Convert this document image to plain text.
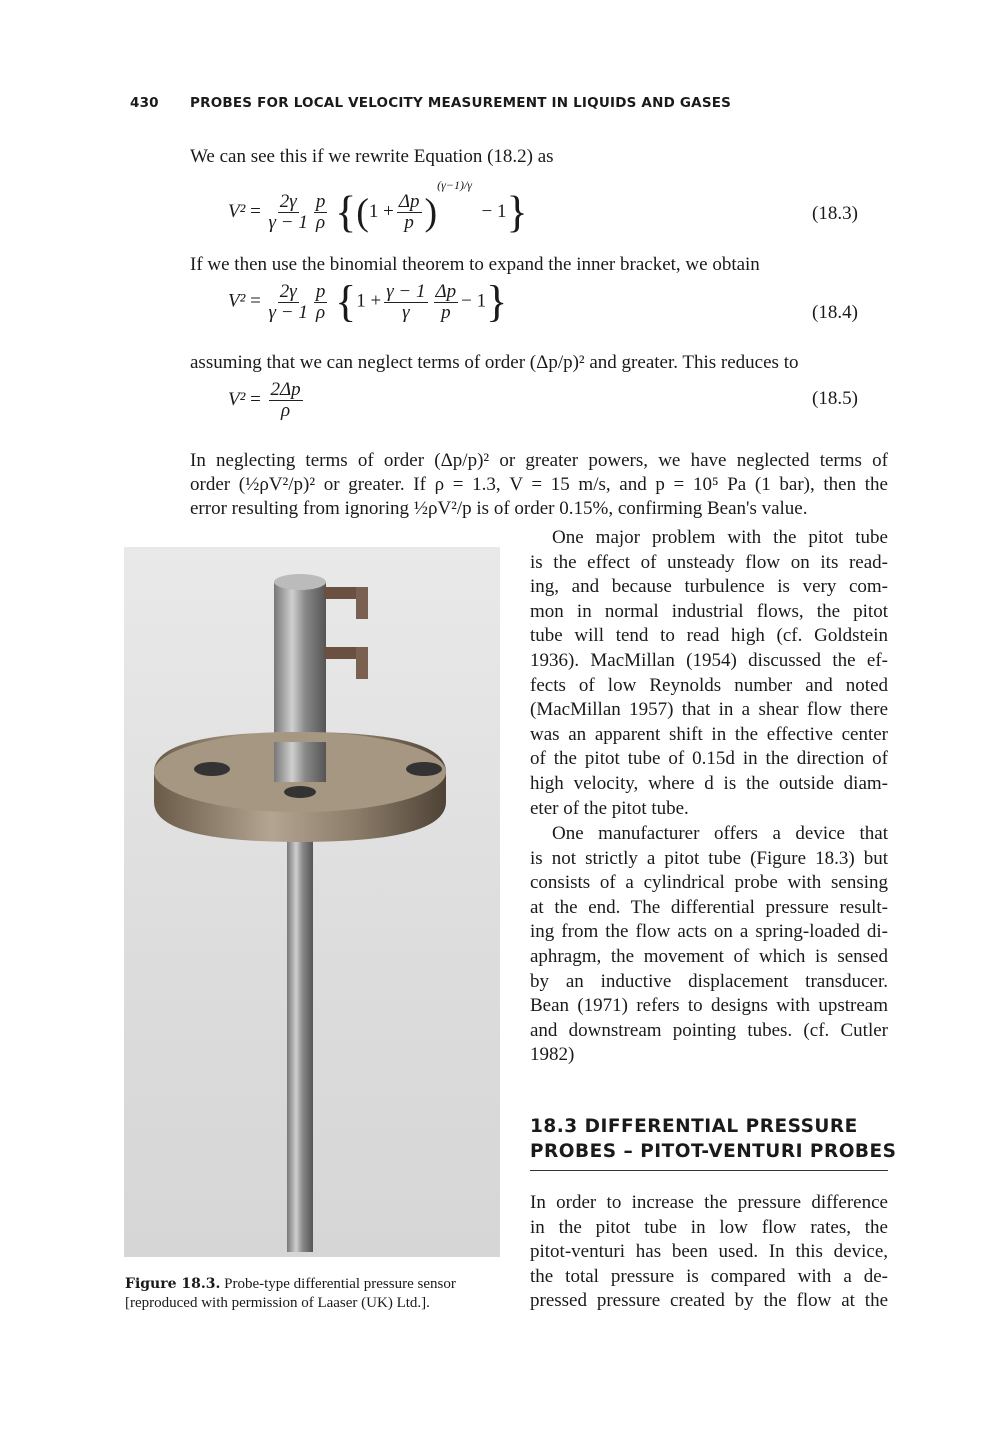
430 PROBES FOR LOCAL VELOCITY MEASUREMENT IN LIQUIDS AND GASES
We can see this if we rewrite Equation (18.2) as
$V^2 = \frac{2\gamma}{\gamma - 1} \frac{p}{\rho} \{(1 + \frac{\Delta p}{p} )^{(\gamma-1)/\gamma} - 1\}$	(18.3)
If we then use the binomial theorem to expand the inner bracket, we obtain
$V^2 = \frac{2\gamma}{\gamma - 1} \frac{p}{\rho} \{1 + \frac{\gamma - 1}{\gamma} \frac{\Delta p}{p} - 1\}$	(18.4)
assuming that we can neglect terms of order (Δp/p)² and greater. This reduces to
$V^2 = \frac{2\Delta p}{\rho}$	(18.5)
In neglecting terms of order (Δp/p)² or greater powers, we have neglected terms of
order (½ρV²/p)² or greater. If ρ = 1.3, V = 15 m/s, and p = 10⁵ Pa (1 bar), then the
error resulting from ignoring ½ρV²/p is of order 0.15%, confirming Bean's value.
One major problem with the pitot tube
is the effect of unsteady flow on its read-
ing, and because turbulence is very com-
mon in normal industrial flows, the pitot
tube will tend to read high (cf. Goldstein
1936). MacMillan (1954) discussed the ef-
fects of low Reynolds number and noted
(MacMillan 1957) that in a shear flow there
was an apparent shift in the effective center
of the pitot tube of 0.15d in the direction of
high velocity, where d is the outside diam-
eter of the pitot tube.
One manufacturer offers a device that
is not strictly a pitot tube (Figure 18.3) but
consists of a cylindrical probe with sensing
at the end. The differential pressure result-
ing from the flow acts on a spring-loaded di-
aphragm, the movement of which is sensed
by an inductive displacement transducer.
Bean (1971) refers to designs with upstream
and downstream pointing tubes. (cf. Cutler
1982)
18.3 DIFFERENTIAL PRESSURE
PROBES – PITOT-VENTURI PROBES
In order to increase the pressure difference
in the pitot tube in low flow rates, the
pitot-venturi has been used. In this device,
the total pressure is compared with a de-
pressed pressure created by the flow at the
Figure 18.3. Probe-type differential pressure sensor
[reproduced with permission of Laaser (UK) Ltd.].
